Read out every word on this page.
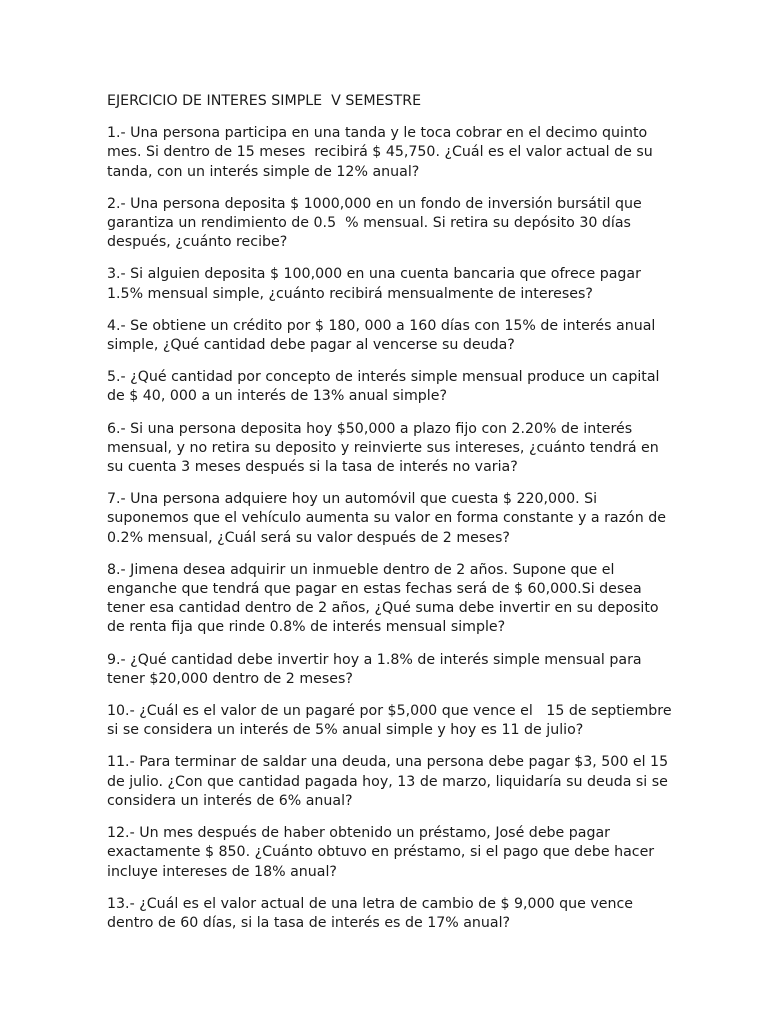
EJERCICIO DE INTERES SIMPLE  V SEMESTRE
1.- Una persona participa en una tanda y le toca cobrar en el decimo quinto
mes. Si dentro de 15 meses  recibirá $ 45,750. ¿Cuál es el valor actual de su
tanda, con un interés simple de 12% anual?
2.- Una persona deposita $ 1000,000 en un fondo de inversión bursátil que
garantiza un rendimiento de 0.5  % mensual. Si retira su depósito 30 días
después, ¿cuánto recibe?
3.- Si alguien deposita $ 100,000 en una cuenta bancaria que ofrece pagar
1.5% mensual simple, ¿cuánto recibirá mensualmente de intereses?
4.- Se obtiene un crédito por $ 180, 000 a 160 días con 15% de interés anual
simple, ¿Qué cantidad debe pagar al vencerse su deuda?
5.- ¿Qué cantidad por concepto de interés simple mensual produce un capital
de $ 40, 000 a un interés de 13% anual simple?
6.- Si una persona deposita hoy $50,000 a plazo fijo con 2.20% de interés
mensual, y no retira su deposito y reinvierte sus intereses, ¿cuánto tendrá en
su cuenta 3 meses después si la tasa de interés no varia?
7.- Una persona adquiere hoy un automóvil que cuesta $ 220,000. Si
suponemos que el vehículo aumenta su valor en forma constante y a razón de
0.2% mensual, ¿Cuál será su valor después de 2 meses?
8.- Jimena desea adquirir un inmueble dentro de 2 años. Supone que el
enganche que tendrá que pagar en estas fechas será de $ 60,000.Si desea
tener esa cantidad dentro de 2 años, ¿Qué suma debe invertir en su deposito
de renta fija que rinde 0.8% de interés mensual simple?
9.- ¿Qué cantidad debe invertir hoy a 1.8% de interés simple mensual para
tener $20,000 dentro de 2 meses?
10.- ¿Cuál es el valor de un pagaré por $5,000 que vence el   15 de septiembre
si se considera un interés de 5% anual simple y hoy es 11 de julio?
11.- Para terminar de saldar una deuda, una persona debe pagar $3, 500 el 15
de julio. ¿Con que cantidad pagada hoy, 13 de marzo, liquidaría su deuda si se
considera un interés de 6% anual?
12.- Un mes después de haber obtenido un préstamo, José debe pagar
exactamente $ 850. ¿Cuánto obtuvo en préstamo, si el pago que debe hacer
incluye intereses de 18% anual?
13.- ¿Cuál es el valor actual de una letra de cambio de $ 9,000 que vence
dentro de 60 días, si la tasa de interés es de 17% anual?
